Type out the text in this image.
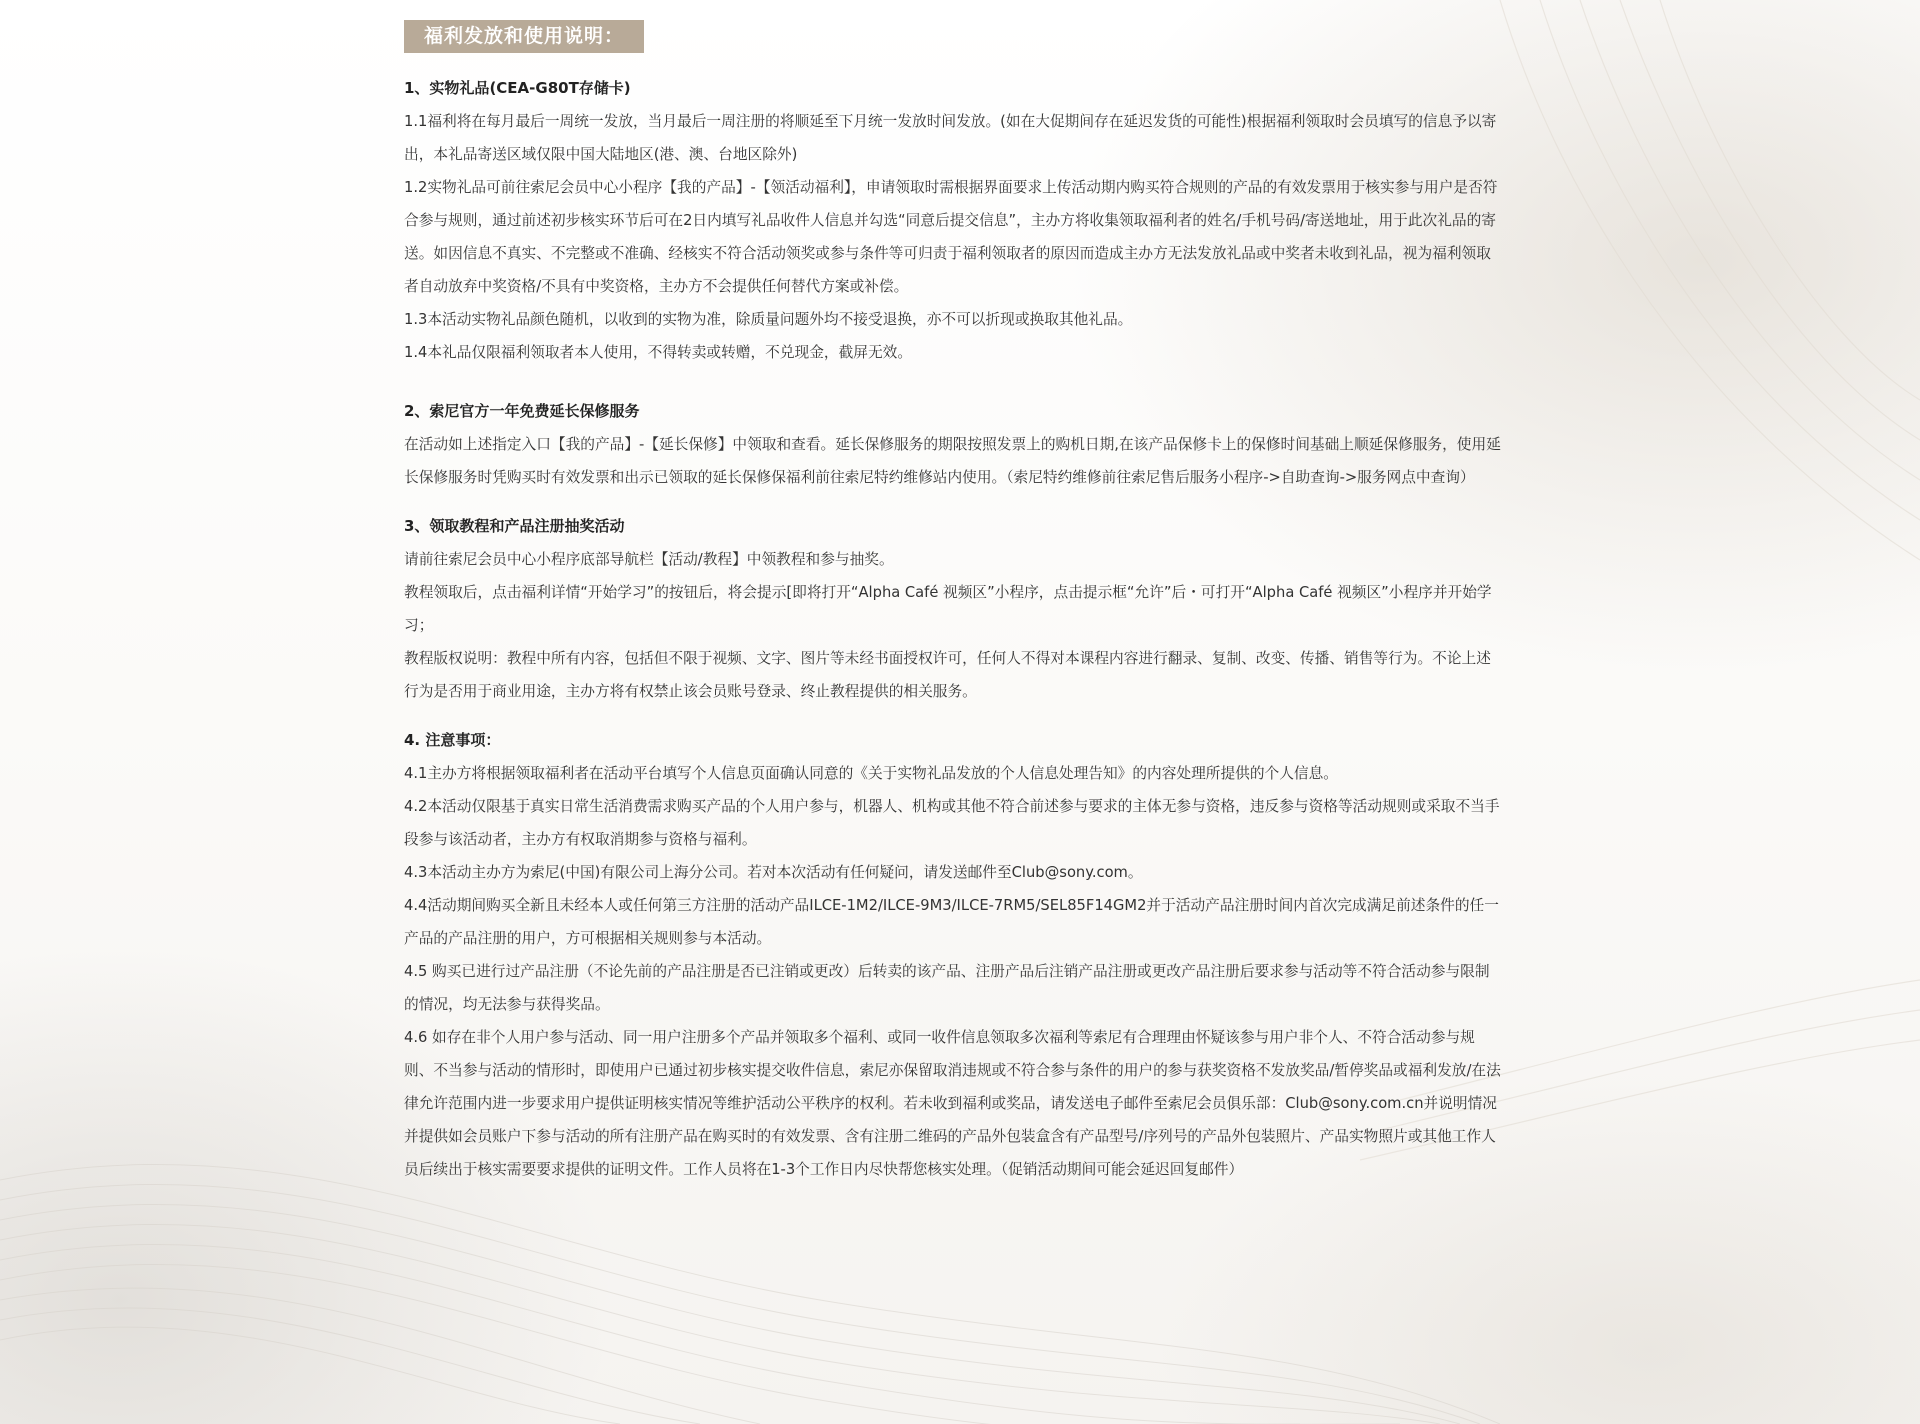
福利发放和使用说明：

1、实物礼品(CEA-G80T存储卡)

1.1福利将在每月最后一周统一发放，当月最后一周注册的将顺延至下月统一发放时间发放。(如在大促期间存在延迟发货的可能性)根据福利领取时会员填写的信息予以寄出，本礼品寄送区域仅限中国大陆地区(港、澳、台地区除外)

1.2实物礼品可前往索尼会员中心小程序【我的产品】-【领活动福利】，申请领取时需根据界面要求上传活动期内购买符合规则的产品的有效发票用于核实参与用户是否符合参与规则，通过前述初步核实环节后可在2日内填写礼品收件人信息并勾选“同意后提交信息”，主办方将收集领取福利者的姓名/手机号码/寄送地址，用于此次礼品的寄送。如因信息不真实、不完整或不准确、经核实不符合活动领奖或参与条件等可归责于福利领取者的原因而造成主办方无法发放礼品或中奖者未收到礼品，视为福利领取者自动放弃中奖资格/不具有中奖资格，主办方不会提供任何替代方案或补偿。

1.3本活动实物礼品颜色随机，以收到的实物为准，除质量问题外均不接受退换，亦不可以折现或换取其他礼品。

1.4本礼品仅限福利领取者本人使用，不得转卖或转赠，不兑现金，截屏无效。

2、索尼官方一年免费延长保修服务

在活动如上述指定入口【我的产品】-【延长保修】中领取和查看。延长保修服务的期限按照发票上的购机日期,在该产品保修卡上的保修时间基础上顺延保修服务，使用延长保修服务时凭购买时有效发票和出示已领取的延长保修保福利前往索尼特约维修站内使用。（索尼特约维修前往索尼售后服务小程序->自助查询->服务网点中查询）

3、领取教程和产品注册抽奖活动

请前往索尼会员中心小程序底部导航栏【活动/教程】中领教程和参与抽奖。

教程领取后，点击福利详情“开始学习”的按钮后，将会提示[即将打开“Alpha Café 视频区”小程序，点击提示框“允许”后・可打开“Alpha Café 视频区”小程序并开始学习；

教程版权说明：教程中所有内容，包括但不限于视频、文字、图片等未经书面授权许可，任何人不得对本课程内容进行翻录、复制、改变、传播、销售等行为。不论上述行为是否用于商业用途，主办方将有权禁止该会员账号登录、终止教程提供的相关服务。

4. 注意事项：

4.1主办方将根据领取福利者在活动平台填写个人信息页面确认同意的《关于实物礼品发放的个人信息处理告知》的内容处理所提供的个人信息。

4.2本活动仅限基于真实日常生活消费需求购买产品的个人用户参与，机器人、机构或其他不符合前述参与要求的主体无参与资格，违反参与资格等活动规则或采取不当手段参与该活动者，主办方有权取消期参与资格与福利。

4.3本活动主办方为索尼(中国)有限公司上海分公司。若对本次活动有任何疑问，请发送邮件至Club@sony.com。

4.4活动期间购买全新且未经本人或任何第三方注册的活动产品ILCE-1M2/ILCE-9M3/ILCE-7RM5/SEL85F14GM2并于活动产品注册时间内首次完成满足前述条件的任一产品的产品注册的用户，方可根据相关规则参与本活动。

4.5 购买已进行过产品注册（不论先前的产品注册是否已注销或更改）后转卖的该产品、注册产品后注销产品注册或更改产品注册后要求参与活动等不符合活动参与限制的情况，均无法参与获得奖品。

4.6 如存在非个人用户参与活动、同一用户注册多个产品并领取多个福利、或同一收件信息领取多次福利等索尼有合理理由怀疑该参与用户非个人、不符合活动参与规则、不当参与活动的情形时，即使用户已通过初步核实提交收件信息，索尼亦保留取消违规或不符合参与条件的用户的参与获奖资格不发放奖品/暂停奖品或福利发放/在法律允许范围内进一步要求用户提供证明核实情况等维护活动公平秩序的权利。若未收到福利或奖品，请发送电子邮件至索尼会员俱乐部：Club@sony.com.cn并说明情况并提供如会员账户下参与活动的所有注册产品在购买时的有效发票、含有注册二维码的产品外包装盒含有产品型号/序列号的产品外包装照片、产品实物照片或其他工作人员后续出于核实需要要求提供的证明文件。工作人员将在1-3个工作日内尽快帮您核实处理。（促销活动期间可能会延迟回复邮件）
